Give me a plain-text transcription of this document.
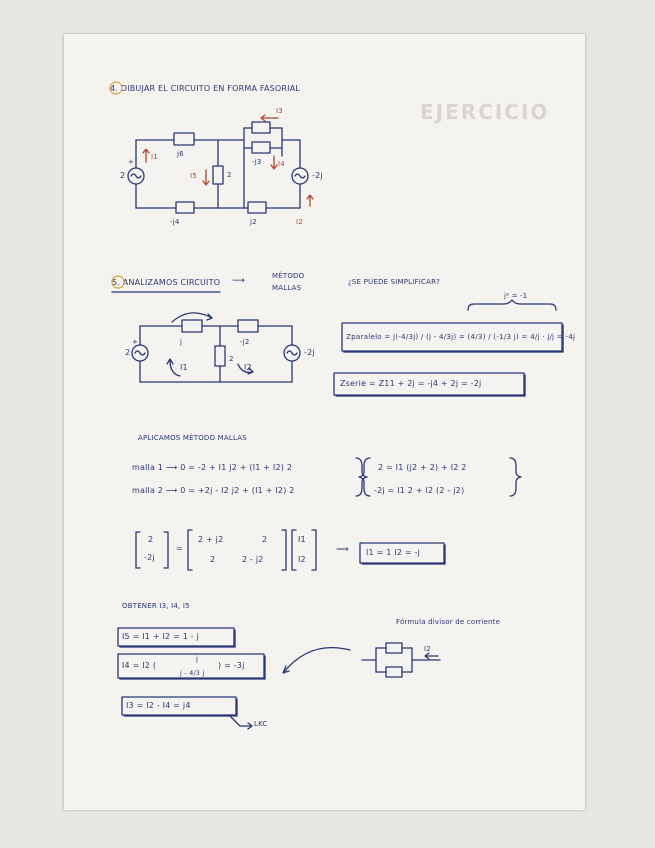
EJERCICIO
4. DIBUJAR EL CIRCUITO EN FORMA FASORIAL
+
2
I1	j6
I5	2
I3
-j3 I4
-2j
-j4	j2	I2
5. ANALIZAMOS CIRCUITO ⟶	MÉTODO
MALLAS
¿SE PUEDE SIMPLIFICAR?
j² = -1
+
2
j	-j2
2
I1	I2
-2j
Zparalelo = j(-4/3j) / (j - 4/3j) = (4/3) / (-1/3 j) = 4/j · j/j = -4j
Zserie = Z11 + 2j = -j4 + 2j = -2j
APLICAMOS MÉTODO MALLAS
malla 1 ⟶ 0 = -2 + I1 j2 + (I1 + I2) 2
malla 2 ⟶ 0 = +2j - I2 j2 + (I1 + I2) 2
2 = I1 (j2 + 2) + I2 2
-2j = I1 2 + I2 (2 - j2)
2
-2j
=
2 + j2	2
2	2 - j2
I1
I2
⟹ I1 = 1 I2 = -j
OBTENER I3, I4, I5
Fórmula divisor de corriente
I5 = I1 + I2 = 1 - j
I4 = I2 (
j
j - 4/3 j
) = -3j
I3 = I2 - I4 = j4
LKC
I2
